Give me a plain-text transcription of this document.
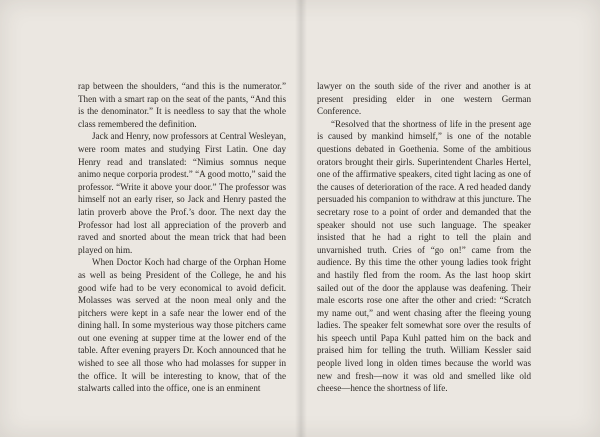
rap between the shoulders, “and this is the numerator.” Then with a smart rap on the seat of the pants, “And this is the denominator.” It is needless to say that the whole class remembered the definition.

Jack and Henry, now professors at Central Wesleyan, were room mates and studying First Latin. One day Henry read and translated: “Nimius somnus neque animo neque corporia prodest.” “A good motto,” said the professor. “Write it above your door.” The professor was himself not an early riser, so Jack and Henry pasted the latin proverb above the Prof.’s door. The next day the Professor had lost all appreciation of the proverb and raved and snorted about the mean trick that had been played on him.

When Doctor Koch had charge of the Orphan Home as well as being President of the College, he and his good wife had to be very economical to avoid deficit. Molasses was served at the noon meal only and the pitchers were kept in a safe near the lower end of the dining hall. In some mysterious way those pitchers came out one evening at supper time at the lower end of the table. After evening prayers Dr. Koch announced that he wished to see all those who had molasses for supper in the office. It will be interesting to know, that of the stalwarts called into the office, one is an enminent

lawyer on the south side of the river and another is at present presiding elder in one western German Conference.

“Resolved that the shortness of life in the present age is caused by mankind himself,” is one of the notable questions debated in Goethenia. Some of the ambitious orators brought their girls. Superintendent Charles Hertel, one of the affirmative speakers, cited tight lacing as one of the causes of deterioration of the race. A red headed dandy persuaded his companion to withdraw at this juncture. The secretary rose to a point of order and demanded that the speaker should not use such language. The speaker insisted that he had a right to tell the plain and unvarnished truth. Cries of “go on!” came from the audience. By this time the other young ladies took fright and hastily fled from the room. As the last hoop skirt sailed out of the door the applause was deafening. Their male escorts rose one after the other and cried: “Scratch my name out,” and went chasing after the fleeing young ladies. The speaker felt somewhat sore over the results of his speech until Papa Kuhl patted him on the back and praised him for telling the truth. William Kessler said people lived long in olden times because the world was new and fresh—now it was old and smelled like old cheese—hence the shortness of life.
